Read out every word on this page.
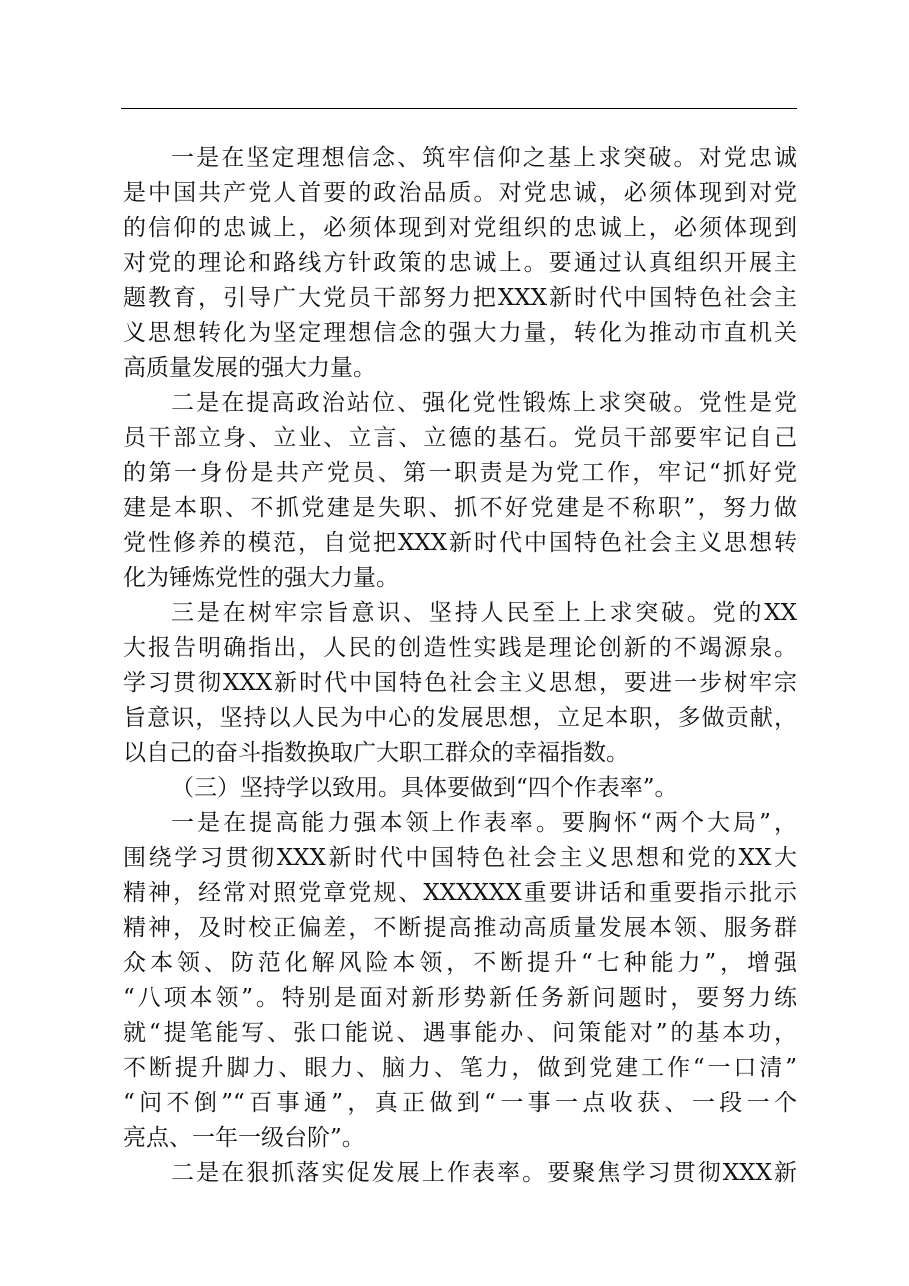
一是在坚定理想信念、筑牢信仰之基上求突破。对党忠诚
是中国共产党人首要的政治品质。对党忠诚，必须体现到对党
的信仰的忠诚上，必须体现到对党组织的忠诚上，必须体现到
对党的理论和路线方针政策的忠诚上。要通过认真组织开展主
题教育，引导广大党员干部努力把XXX新时代中国特色社会主
义思想转化为坚定理想信念的强大力量，转化为推动市直机关
高质量发展的强大力量。
二是在提高政治站位、强化党性锻炼上求突破。党性是党
员干部立身、立业、立言、立德的基石。党员干部要牢记自己
的第一身份是共产党员、第一职责是为党工作，牢记“抓好党
建是本职、不抓党建是失职、抓不好党建是不称职”，努力做
党性修养的模范，自觉把XXX新时代中国特色社会主义思想转
化为锤炼党性的强大力量。
三是在树牢宗旨意识、坚持人民至上上求突破。党的XX
大报告明确指出，人民的创造性实践是理论创新的不竭源泉。
学习贯彻XXX新时代中国特色社会主义思想，要进一步树牢宗
旨意识，坚持以人民为中心的发展思想，立足本职，多做贡献，
以自己的奋斗指数换取广大职工群众的幸福指数。
（三）坚持学以致用。具体要做到“四个作表率”。
一是在提高能力强本领上作表率。要胸怀“两个大局”，
围绕学习贯彻XXX新时代中国特色社会主义思想和党的XX大
精神，经常对照党章党规、XXXXXX重要讲话和重要指示批示
精神，及时校正偏差，不断提高推动高质量发展本领、服务群
众本领、防范化解风险本领，不断提升“七种能力”，增强
“八项本领”。特别是面对新形势新任务新问题时，要努力练
就“提笔能写、张口能说、遇事能办、问策能对”的基本功，
不断提升脚力、眼力、脑力、笔力，做到党建工作“一口清”
“问不倒”“百事通”，真正做到“一事一点收获、一段一个
亮点、一年一级台阶”。
二是在狠抓落实促发展上作表率。要聚焦学习贯彻XXX新
